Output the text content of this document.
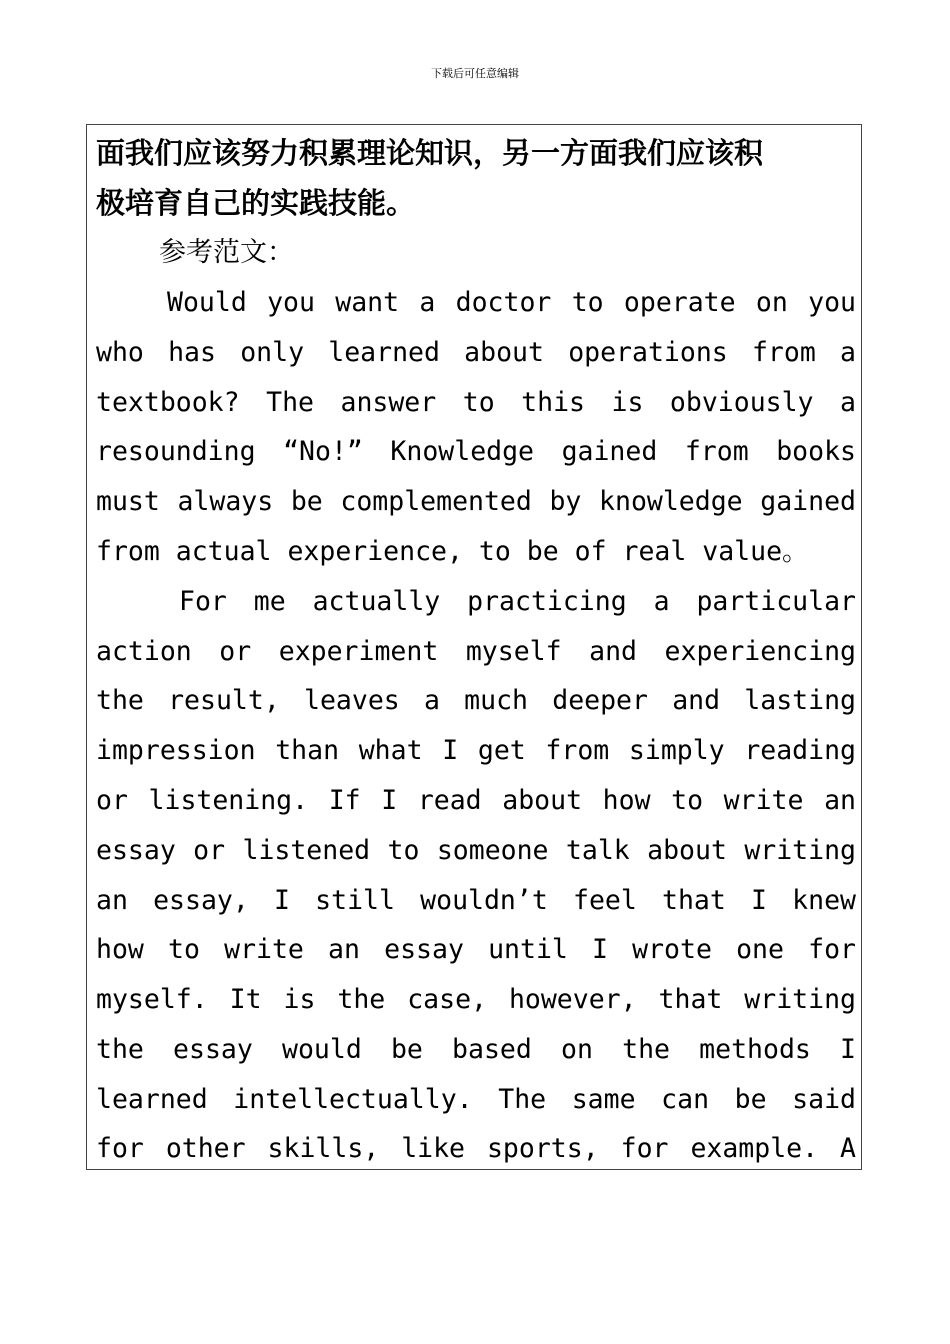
下载后可任意编辑
面我们应该努力积累理论知识，另一方面我们应该积
极培育自己的实践技能。
参考范文：
Would you want a doctor to operate on you
who has only learned about operations from a
textbook? The answer to this is obviously a
resounding “No!” Knowledge gained from books
must always be complemented by knowledge gained
from actual experience, to be of real value。
For me actually practicing a particular
action or experiment myself and experiencing
the result, leaves a much deeper and lasting
impression than what I get from simply reading
or listening. If I read about how to write an
essay or listened to someone talk about writing
an essay, I still wouldn’t feel that I knew
how to write an essay until I wrote one for
myself. It is the case, however, that writing
the essay would be based on the methods I
learned intellectually. The same can be said
for other skills, like sports, for example. A
